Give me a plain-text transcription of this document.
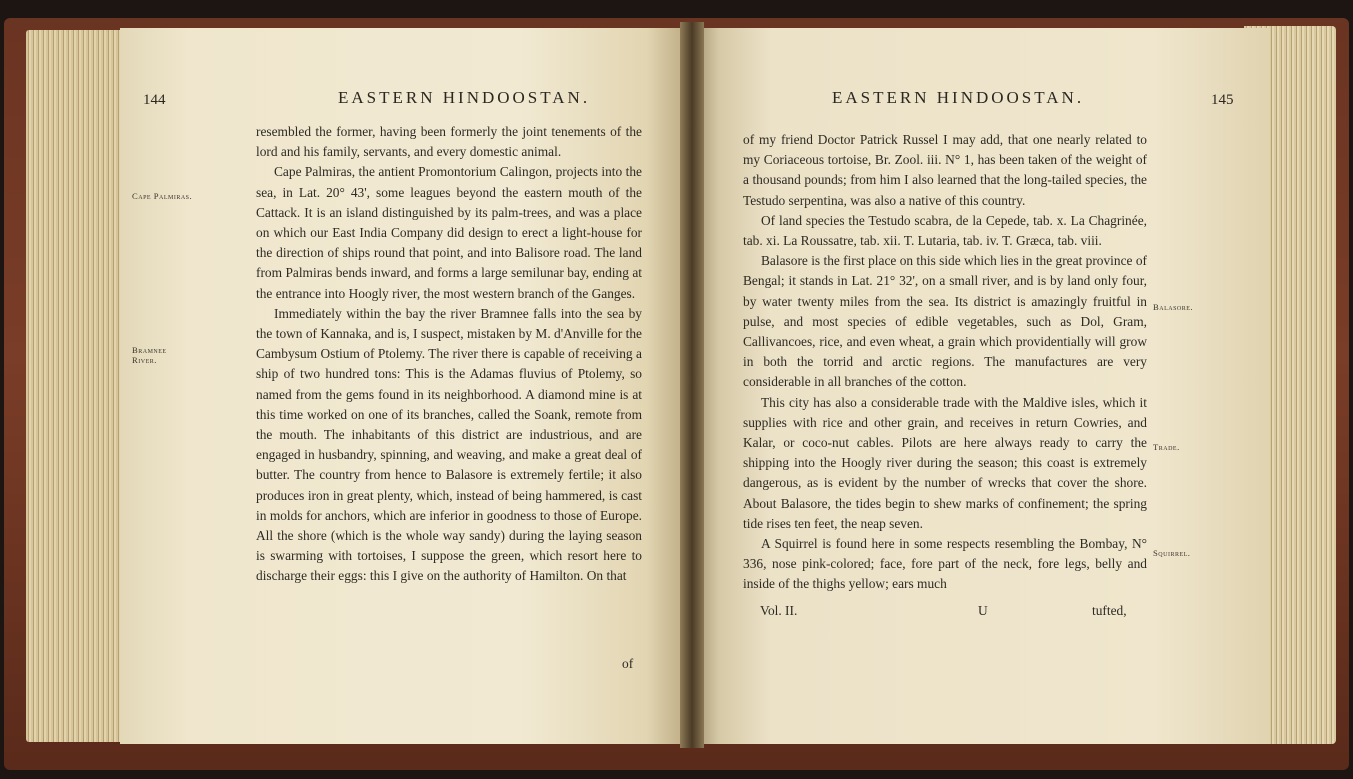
144	EASTERN HINDOOSTAN.
Cape Palmiras.
Bramnee River.

resembled the former, having been formerly the joint tenements of the lord and his family, servants, and every domestic animal.

Cape Palmiras, the antient Promontorium Calingon, projects into the sea, in Lat. 20° 43', some leagues beyond the eastern mouth of the Cattack. It is an island distinguished by its palm-trees, and was a place on which our East India Company did design to erect a light-house for the direction of ships round that point, and into Balisore road. The land from Palmiras bends inward, and forms a large semilunar bay, ending at the entrance into Hoogly river, the most western branch of the Ganges.

Immediately within the bay the river Bramnee falls into the sea by the town of Kannaka, and is, I suspect, mistaken by M. d'Anville for the Cambysum Ostium of Ptolemy. The river there is capable of receiving a ship of two hundred tons: This is the Adamas fluvius of Ptolemy, so named from the gems found in its neighborhood. A diamond mine is at this time worked on one of its branches, called the Soank, remote from the mouth. The inhabitants of this district are industrious, and are engaged in husbandry, spinning, and weaving, and make a great deal of butter. The country from hence to Balasore is extremely fertile; it also produces iron in great plenty, which, instead of being hammered, is cast in molds for anchors, which are inferior in goodness to those of Europe. All the shore (which is the whole way sandy) during the laying season is swarming with tortoises, I suppose the green, which resort here to discharge their eggs: this I give on the authority of Hamilton. On that

of
EASTERN HINDOOSTAN.	145

of my friend Doctor Patrick Russel I may add, that one nearly related to my Coriaceous tortoise, Br. Zool. iii. N° 1, has been taken of the weight of a thousand pounds; from him I also learned that the long-tailed species, the Testudo serpentina, was also a native of this country.

Of land species the Testudo scabra, de la Cepede, tab. x. La Chagrinée, tab. xi. La Roussatre, tab. xii. T. Lutaria, tab. iv. T. Græca, tab. viii.

Balasore is the first place on this side which lies in the great province of Bengal; it stands in Lat. 21° 32', on a small river, and is by land only four, by water twenty miles from the sea. Its district is amazingly fruitful in pulse, and most species of edible vegetables, such as Dol, Gram, Callivancoes, rice, and even wheat, a grain which providentially will grow in both the torrid and arctic regions. The manufactures are very considerable in all branches of the cotton.

This city has also a considerable trade with the Maldive isles, which it supplies with rice and other grain, and receives in return Cowries, and Kalar, or coco-nut cables. Pilots are here always ready to carry the shipping into the Hoogly river during the season; this coast is extremely dangerous, as is evident by the number of wrecks that cover the shore. About Balasore, the tides begin to shew marks of confinement; the spring tide rises ten feet, the neap seven.

A Squirrel is found here in some respects resembling the Bombay, N° 336, nose pink-colored; face, fore part of the neck, fore legs, belly and inside of the thighs yellow; ears much

Balasore.
Trade.
Squirrel.
Vol. II.	U	tufted,
